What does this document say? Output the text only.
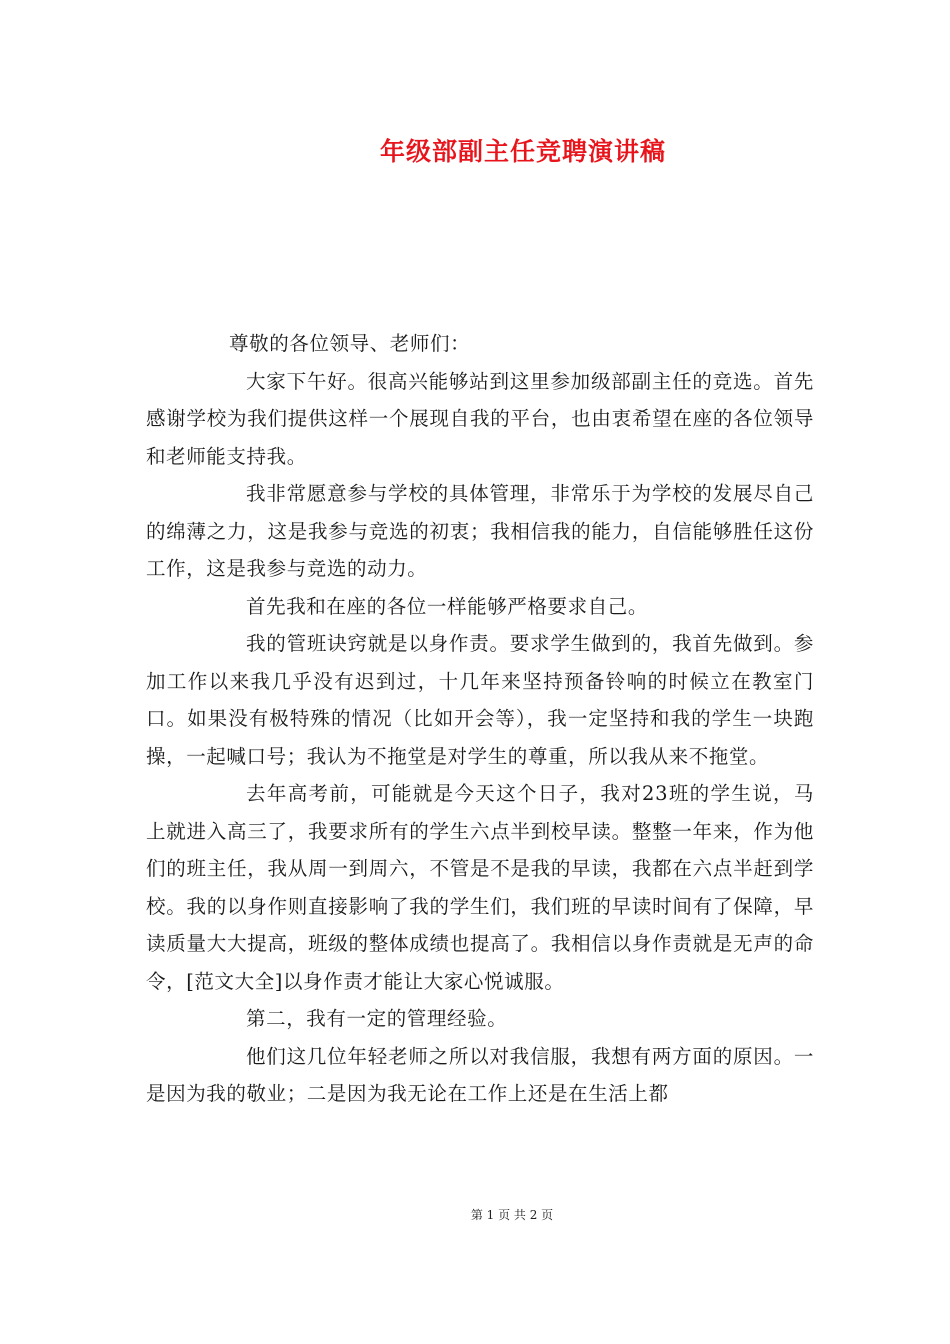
年级部副主任竞聘演讲稿

尊敬的各位领导、老师们：

大家下午好。很高兴能够站到这里参加级部副主任的竞选。首先感谢学校为我们提供这样一个展现自我的平台，也由衷希望在座的各位领导和老师能支持我。

我非常愿意参与学校的具体管理，非常乐于为学校的发展尽自己的绵薄之力，这是我参与竞选的初衷；我相信我的能力，自信能够胜任这份工作，这是我参与竞选的动力。

首先我和在座的各位一样能够严格要求自己。

我的管班诀窍就是以身作责。要求学生做到的，我首先做到。参加工作以来我几乎没有迟到过，十几年来坚持预备铃响的时候立在教室门口。如果没有极特殊的情况（比如开会等），我一定坚持和我的学生一块跑操，一起喊口号；我认为不拖堂是对学生的尊重，所以我从来不拖堂。

去年高考前，可能就是今天这个日子，我对23班的学生说，马上就进入高三了，我要求所有的学生六点半到校早读。整整一年来，作为他们的班主任，我从周一到周六，不管是不是我的早读，我都在六点半赶到学校。我的以身作则直接影响了我的学生们，我们班的早读时间有了保障，早读质量大大提高，班级的整体成绩也提高了。我相信以身作责就是无声的命令，[范文大全]以身作责才能让大家心悦诚服。

第二，我有一定的管理经验。

他们这几位年轻老师之所以对我信服，我想有两方面的原因。一是因为我的敬业；二是因为我无论在工作上还是在生活上都

第 1 页 共 2 页
